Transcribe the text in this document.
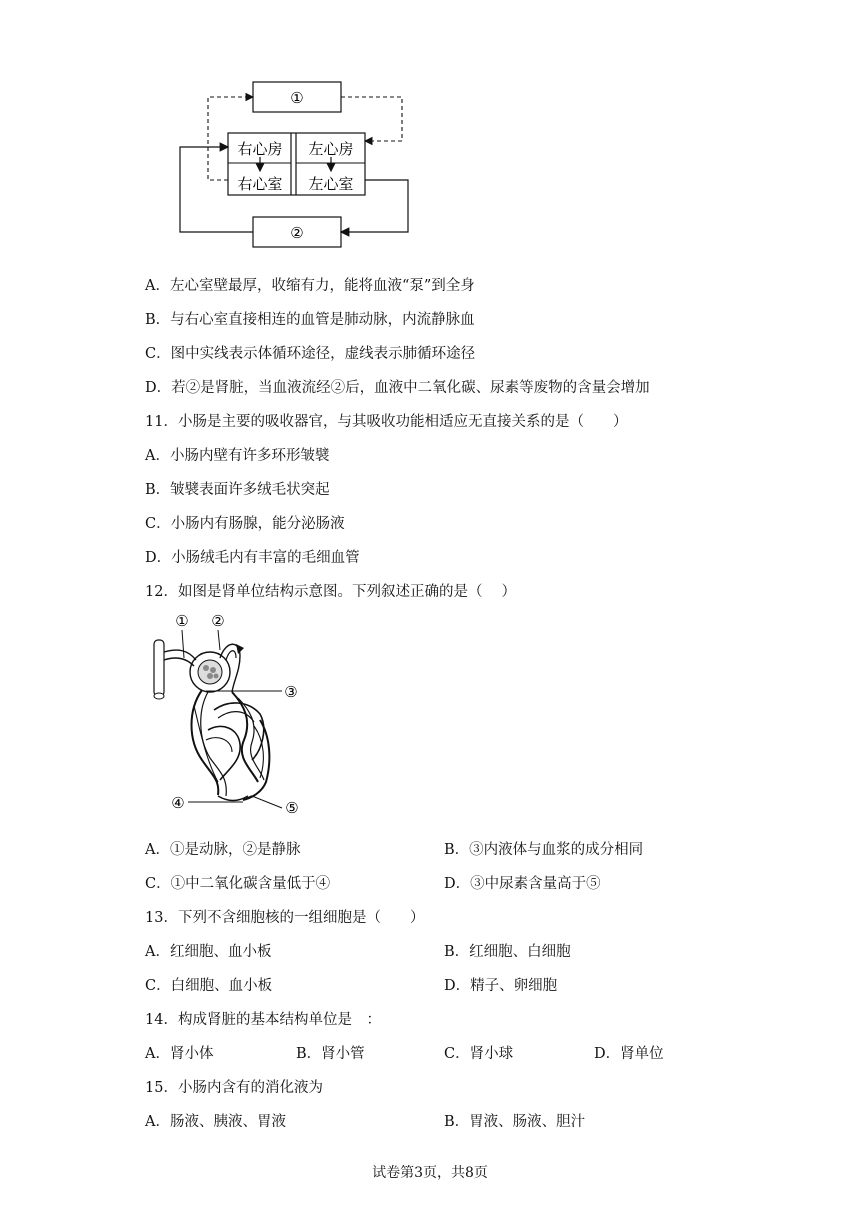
①
右心房
右心室
左心房
左心室
②
A．左心室壁最厚，收缩有力，能将血液“泵”到全身
B．与右心室直接相连的血管是肺动脉，内流静脉血
C．图中实线表示体循环途径，虚线表示肺循环途径
D．若②是肾脏，当血液流经②后，血液中二氧化碳、尿素等废物的含量会增加
11．小肠是主要的吸收器官，与其吸收功能相适应无直接关系的是（　　）
A．小肠内壁有许多环形皱襞
B．皱襞表面许多绒毛状突起
C．小肠内有肠腺，能分泌肠液
D．小肠绒毛内有丰富的毛细血管
12．如图是肾单位结构示意图。下列叙述正确的是（　 ）
① ②
③
④	⑤
A．①是动脉，②是静脉	B．③内液体与血浆的成分相同
C．①中二氧化碳含量低于④	D．③中尿素含量高于⑤
13．下列不含细胞核的一组细胞是（　　）
A．红细胞、血小板	B．红细胞、白细胞
C．白细胞、血小板	D．精子、卵细胞
14．构成肾脏的基本结构单位是　：
A．肾小体	B．肾小管	C．肾小球	D．肾单位
15．小肠内含有的消化液为
A．肠液、胰液、胃液	B．胃液、肠液、胆汁
试卷第3页，共8页
